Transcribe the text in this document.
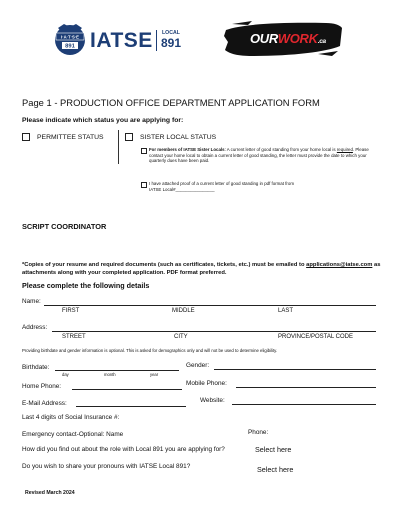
I·A·T·S·E
891 IATSE LOCAL
891	OURWORK.ca
Page 1 - PRODUCTION OFFICE DEPARTMENT APPLICATION FORM
Please indicate which status you are applying for:
PERMITTEE STATUS	SISTER LOCAL STATUS
For members of IATSE Sister Locals: A current letter of good standing from your home local is required. Please contact your home local to obtain a current letter of good standing, the letter must provide the date to which your quarterly dues have been paid.
I have attached proof of a current letter of good standing in pdf format from IATSE Local#________________
SCRIPT COORDINATOR
*Copies of your resume and required documents (such as certificates, tickets, etc.) must be emailed to applications@iatse.com as attachments along with your completed application. PDF format preferred.
Please complete the following details
Name:
FIRST	MIDDLE	LAST
Address:
STREET	CITY	PROVINCE/POSTAL CODE
Providing birthdate and gender information is optional. This is asked for demographics only and will not be used to determine eligibility.
Birthdate:
day	month	year
Gender:
Home Phone:	Mobile Phone:
E-Mail Address:	Website:
Last 4 digits of Social Insurance #:
Emergency contact-Optional: Name	Phone:
How did you find out about the role with Local 891 you are applying for?	Select here
Do you wish to share your pronouns with IATSE Local 891?	Select here
Revised March 2024
